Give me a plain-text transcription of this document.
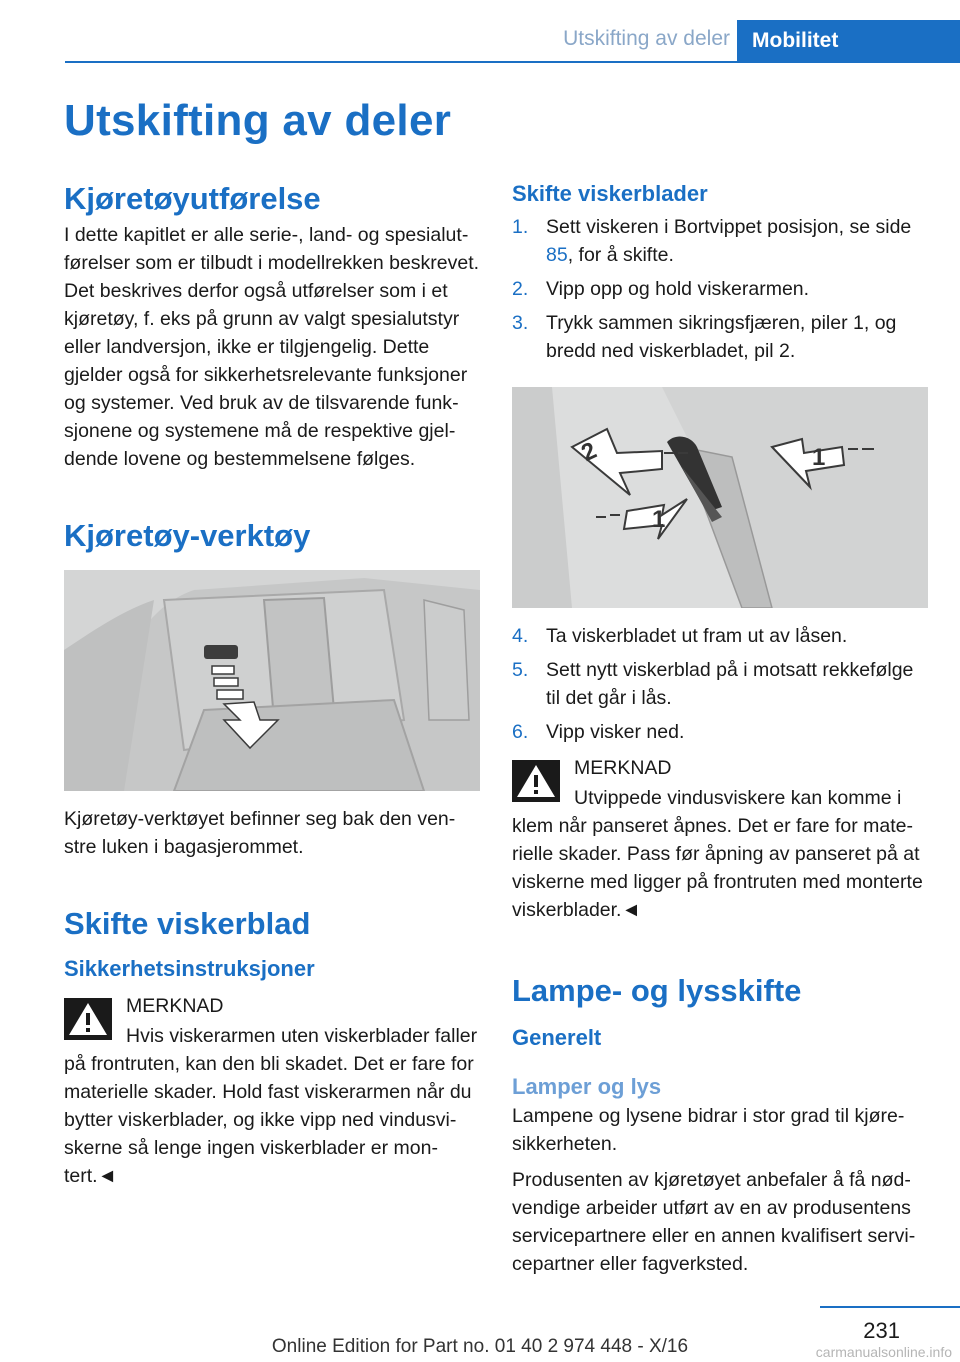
Utskifting av deler Mobilitet
Utskifting av deler
Kjøretøyutførelse

I dette kapitlet er alle serie-, land- og spesialutførelser som er tilbudt i modellrekken beskrevet. Det beskrives derfor også utførelser som i et kjøretøy, f. eks på grunn av valgt spesialutstyr eller landversjon, ikke er tilgjengelig. Dette gjelder også for sikkerhetsrelevante funksjoner og systemer. Ved bruk av de tilsvarende funksjonene og systemene må de respektive gjeldende lovene og bestemmelsene følges.

Kjøretøy-verktøy

Kjøretøy-verktøyet befinner seg bak den venstre luken i bagasjerommet.

Skifte viskerblad
Sikkerhetsinstruksjoner
MERKNAD

Hvis viskerarmen uten viskerblader faller på frontruten, kan den bli skadet. Det er fare for materielle skader. Hold fast viskerarmen når du bytter viskerblader, og ikke vipp ned vindusviskerne så lenge ingen viskerblader er montert.◄

Skifte viskerblader
1. Sett viskeren i Bortvippet posisjon, se side 85, for å skifte.
2. Vipp opp og hold viskerarmen.
3. Trykk sammen sikringsfjæren, piler 1, og bredd ned viskerbladet, pil 2.
2	1
1
4. Ta viskerbladet ut fram ut av låsen.
5. Sett nytt viskerblad på i motsatt rekkefølge til det går i lås.
6. Vipp visker ned.
MERKNAD

Utvippede vindusviskere kan komme i klem når panseret åpnes. Det er fare for materielle skader. Pass før åpning av panseret på at viskerne med ligger på frontruten med monterte viskerblader.◄

Lampe- og lysskifte
Generelt
Lamper og lys

Lampene og lysene bidrar i stor grad til kjøresikkerheten.

Produsenten av kjøretøyet anbefaler å få nødvendige arbeider utført av en av produsentens servicepartnere eller en annen kvalifisert servicepartner eller fagverksted.

231
Online Edition for Part no. 01 40 2 974 448 - X/16	carmanualsonline.info
